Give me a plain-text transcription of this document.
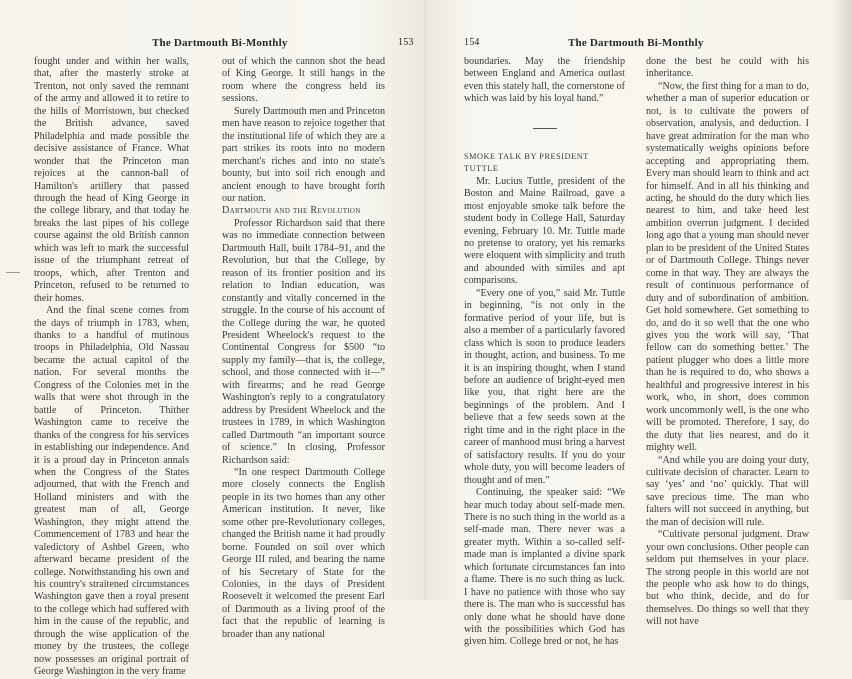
The Dartmouth Bi-Monthly	153

fought under and within her walls, that, after the masterly stroke at Trenton, not only saved the remnant of the army and allowed it to retire to the hills of Morristown, but checked the British advance, saved Philadelphia and made possible the decisive assistance of France. What wonder that the Princeton man rejoices at the cannon-ball of Hamilton's artillery that passed through the head of King George in the college library, and that today he breaks the last pipes of his college course against the old British cannon which was left to mark the successful issue of the triumphant retreat of troops, which, after Trenton and Princeton, refused to be returned to their homes.

And the final scene comes from the days of triumph in 1783, when, thanks to a handful of mutinous troops in Philadelphia, Old Nassau became the actual capitol of the nation. For several months the Congress of the Colonies met in the walls that were shot through in the battle of Princeton. Thither Washington came to receive the thanks of the congress for his services in establishing our independence. And it is a proud day in Princeton annals when the Congress of the States adjourned, that with the French and Holland ministers and with the greatest man of all, George Washington, they might attend the Commencement of 1783 and hear the valedictory of Ashbel Green, who afterward became president of the college. Notwithstanding his own and his country's straitened circumstances Washington gave then a royal present to the college which had suffered with him in the cause of the republic, and through the wise application of the money by the trustees, the college now possesses an original portrait of George Washington in the very frame

out of which the cannon shot the head of King George. It still hangs in the room where the congress held its sessions.

Surely Dartmouth men and Princeton men have reason to rejoice together that the institutional life of which they are a part strikes its roots into no modern merchant's riches and into no state's bounty, but into soil rich enough and ancient enough to have brought forth our nation.

Dartmouth and the Revolution

Professor Richardson said that there was no immediate connection between Dartmouth Hall, built 1784–91, and the Revolution, but that the College, by reason of its frontier position and its relation to Indian education, was constantly and vitally concerned in the struggle. In the course of his account of the College during the war, he quoted President Wheelock's request to the Continental Congress for $500 “to supply my family—that is, the college, school, and those connected with it—” with firearms; and he read George Washington's reply to a congratulatory address by President Wheelock and the trustees in 1789, in which Washington called Dartmouth “an important source of science.” In closing, Professor Richardson said:

“In one respect Dartmouth College more closely connects the English people in its two homes than any other American institution. It never, like some other pre-Revolutionary colleges, changed the British name it had proudly borne. Founded on soil over which George III ruled, and bearing the name of his Secretary of State for the Colonies, in the days of President Roosevelt it welcomed the present Earl of Dartmouth as a living proof of the fact that the republic of learning is broader than any national

154	The Dartmouth Bi-Monthly

boundaries. May the friendship between England and America outlast even this stately hall, the cornerstone of which was laid by his loyal hand.”

SMOKE TALK BY PRESIDENT TUTTLE

Mr. Lucius Tuttle, president of the Boston and Maine Railroad, gave a most enjoyable smoke talk before the student body in College Hall, Saturday evening, February 10. Mr. Tuttle made no pretense to oratory, yet his remarks were eloquent with simplicity and truth and abounded with similes and apt comparisons.

“Every one of you,” said Mr. Tuttle in beginning, “is not only in the formative period of your life, but is also a member of a particularly favored class which is soon to produce leaders in thought, action, and business. To me it is an inspiring thought, when I stand before an audience of bright-eyed men like you, that right here are the beginnings of the problem. And I believe that a few seeds sown at the right time and in the right place in the career of manhood must bring a harvest of satisfactory results. If you do your whole duty, you will become leaders of thought and of men.”

Continuing, the speaker said: “We hear much today about self-made men. There is no such thing in the world as a self-made man. There never was a greater myth. Within a so-called self-made man is implanted a divine spark which fortunate circumstances fan into a flame. There is no such thing as luck. I have no patience with those who say there is. The man who is successful has only done what he should have done with the possibilities which God has given him. College bred or not, he has

done the best he could with his inheritance.

“Now, the first thing for a man to do, whether a man of superior education or not, is to cultivate the powers of observation, analysis, and deduction. I have great admiration for the man who systematically weighs opinions before accepting and appropriating them. Every man should learn to think and act for himself. And in all his thinking and acting, he should do the duty which lies nearest to him, and take heed lest ambition overrun judgment. I decided long ago that a young man should never plan to be president of the United States or of Dartmouth College. Things never come in that way. They are always the result of continuous performance of duty and of subordination of ambition. Get hold somewhere. Get something to do, and do it so well that the one who gives you the work will say, ‘That fellow can do something better.’ The patient plugger who does a little more than he is required to do, who shows a healthful and progressive interest in his work, who, in short, does common work uncommonly well, is the one who will be promoted. Therefore, I say, do the duty that lies nearest, and do it mighty well.

“And while you are doing your duty, cultivate decision of character. Learn to say ‘yes’ and ‘no’ quickly. That will save precious time. The man who falters will not succeed in anything, but the man of decision will rule.

“Cultivate personal judgment. Draw your own conclusions. Other people can seldom put themselves in your place. The strong people in this world are not the people who ask how to do things, but who think, decide, and do for themselves. Do things so well that they will not have
